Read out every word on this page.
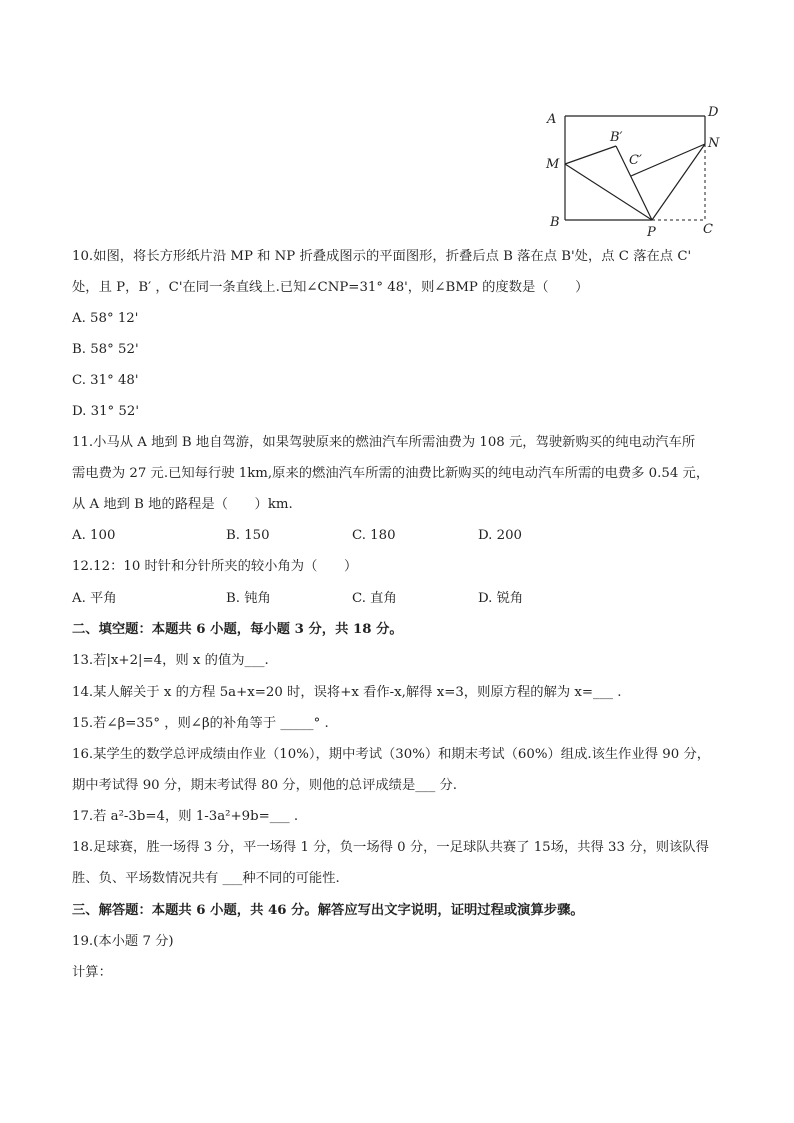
A	D
B′	N
C′
M
B
P	C
10.如图，将长方形纸片沿 MP 和 NP 折叠成图示的平面图形，折叠后点 B 落在点 B'处，点 C 落在点 C'
处，且 P，B′ ，C'在同一条直线上.已知∠CNP=31° 48'，则∠BMP 的度数是（　　）
A. 58° 12'
B. 58° 52'
C. 31° 48'
D. 31° 52'
11.小马从 A 地到 B 地自驾游，如果驾驶原来的燃油汽车所需油费为 108 元，驾驶新购买的纯电动汽车所
需电费为 27 元.已知每行驶 1km,原来的燃油汽车所需的油费比新购买的纯电动汽车所需的电费多 0.54 元，
从 A 地到 B 地的路程是（　　）km.
A. 100	B. 150	C. 180	D. 200
12.12：10 时针和分针所夹的较小角为（　　）
A. 平角	B. 钝角	C. 直角	D. 锐角
二、填空题：本题共 6 小题，每小题 3 分，共 18 分。
13.若|x+2|=4，则 x 的值为___.
14.某人解关于 x 的方程 5a+x=20 时，误将+x 看作-x,解得 x=3，则原方程的解为 x=___ .
15.若∠β=35° ，则∠β的补角等于 _____° .
16.某学生的数学总评成绩由作业（10%），期中考试（30%）和期末考试（60%）组成.该生作业得 90 分，
期中考试得 90 分，期末考试得 80 分，则他的总评成绩是___ 分.
17.若 a²-3b=4，则 1-3a²+9b=___ .
18.足球赛，胜一场得 3 分，平一场得 1 分，负一场得 0 分，一足球队共赛了 15场，共得 33 分，则该队得
胜、负、平场数情况共有 ___种不同的可能性.
三、解答题：本题共 6 小题，共 46 分。解答应写出文字说明，证明过程或演算步骤。
19.(本小题 7 分)
计算：
